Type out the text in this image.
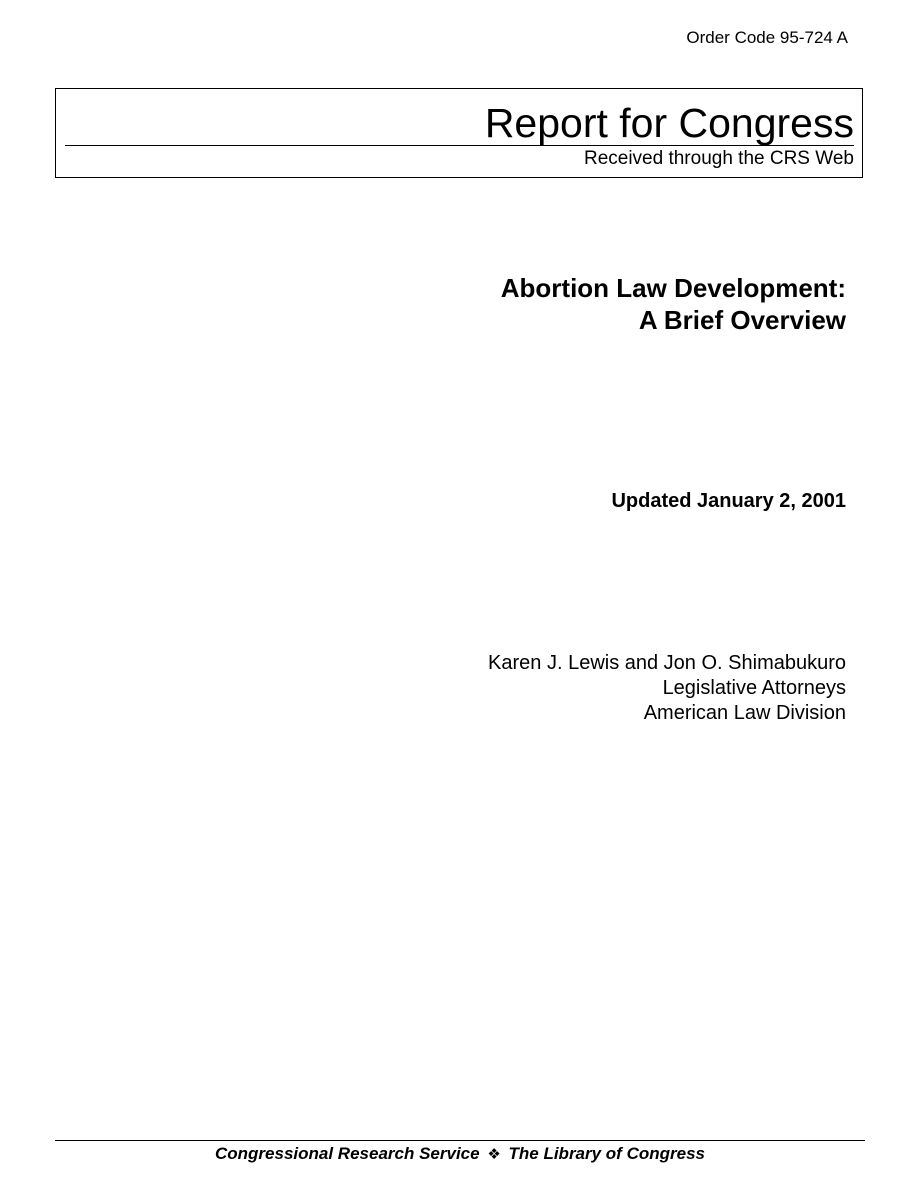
Order Code 95-724 A
Report for Congress
Received through the CRS Web
Abortion Law Development:
A Brief Overview
Updated January 2, 2001
Karen J. Lewis and Jon O. Shimabukuro
Legislative Attorneys
American Law Division
Congressional Research Service ❖ The Library of Congress
